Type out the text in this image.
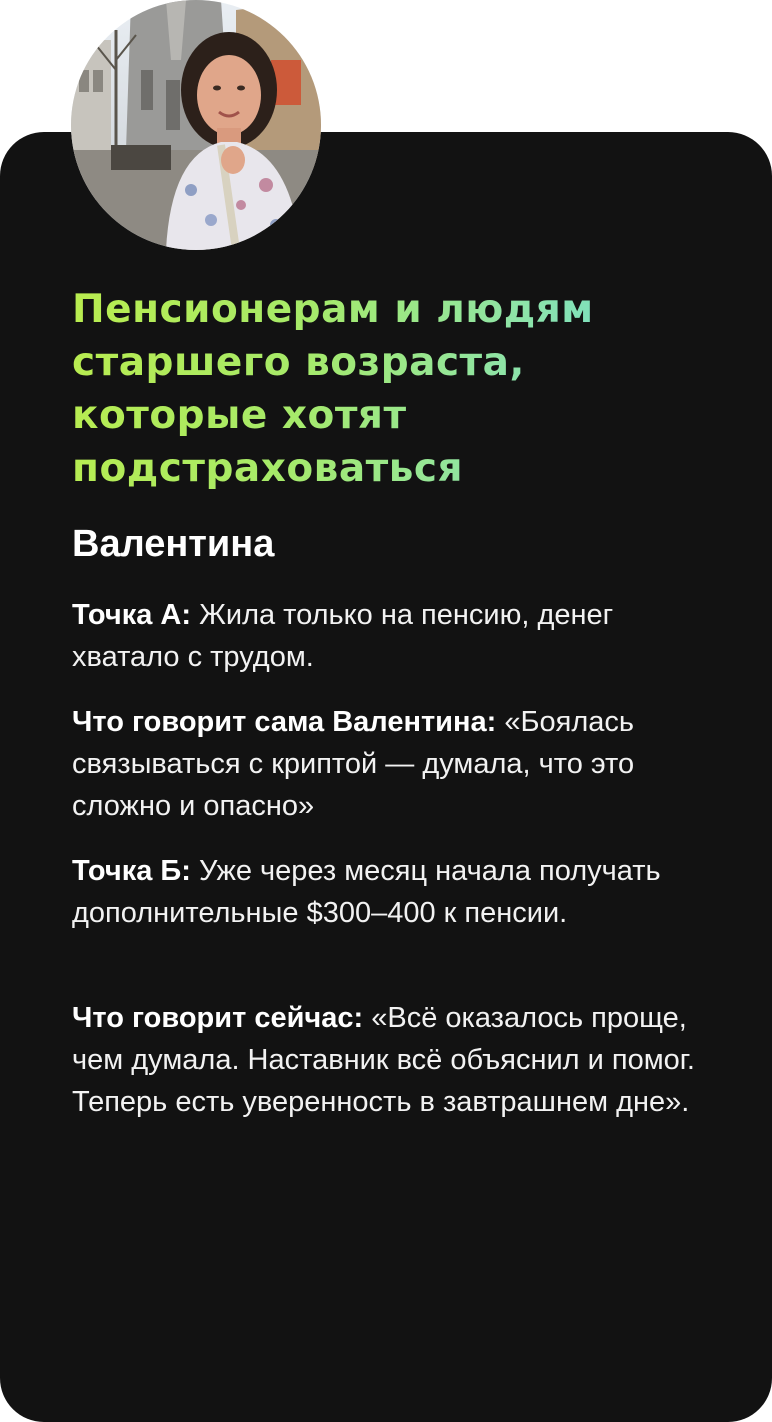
Пенсионерам и людям
старшего возраста,
которые хотят
подстраховаться
Валентина

Точка А: Жила только на пенсию, денег хватало с трудом.

Что говорит сама Валентина: «Боялась связываться с криптой — думала, что это сложно и опасно»

Точка Б: Уже через месяц начала получать дополнительные $300–400 к пенсии.

Что говорит сейчас: «Всё оказалось проще, чем думала. Наставник всё объяснил и помог. Теперь есть уверенность в завтрашнем дне».
